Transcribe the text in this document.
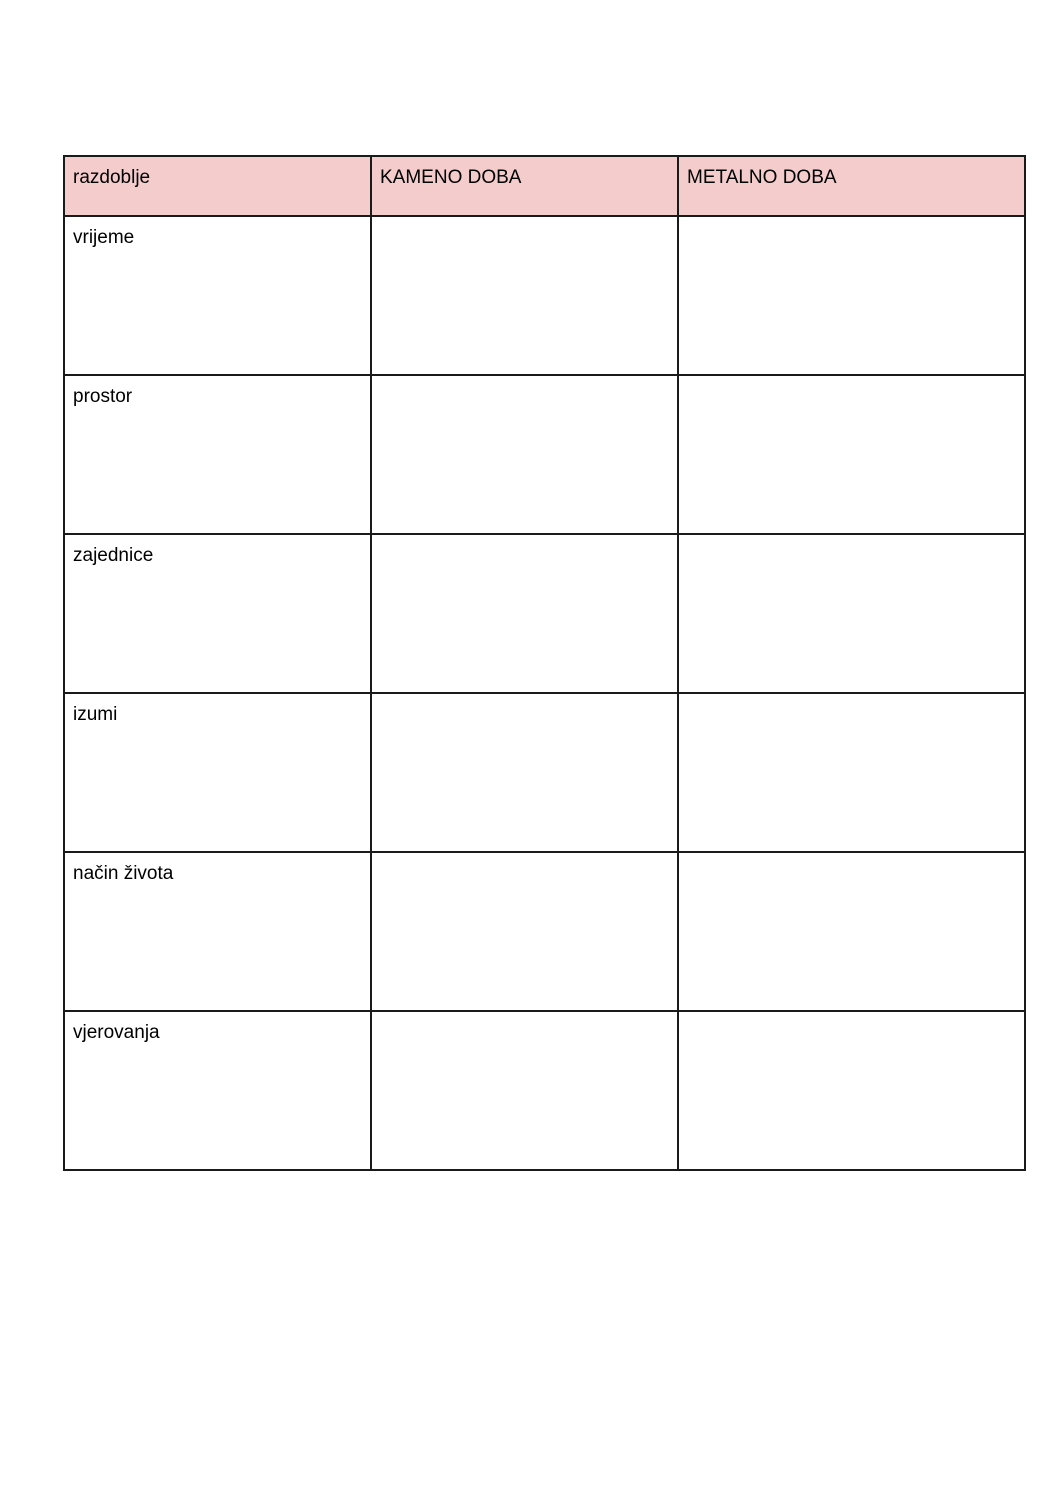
razdoblje	KAMENO DOBA	METALNO DOBA
vrijeme		
prostor		
zajednice		
izumi		
način života		
vjerovanja		
